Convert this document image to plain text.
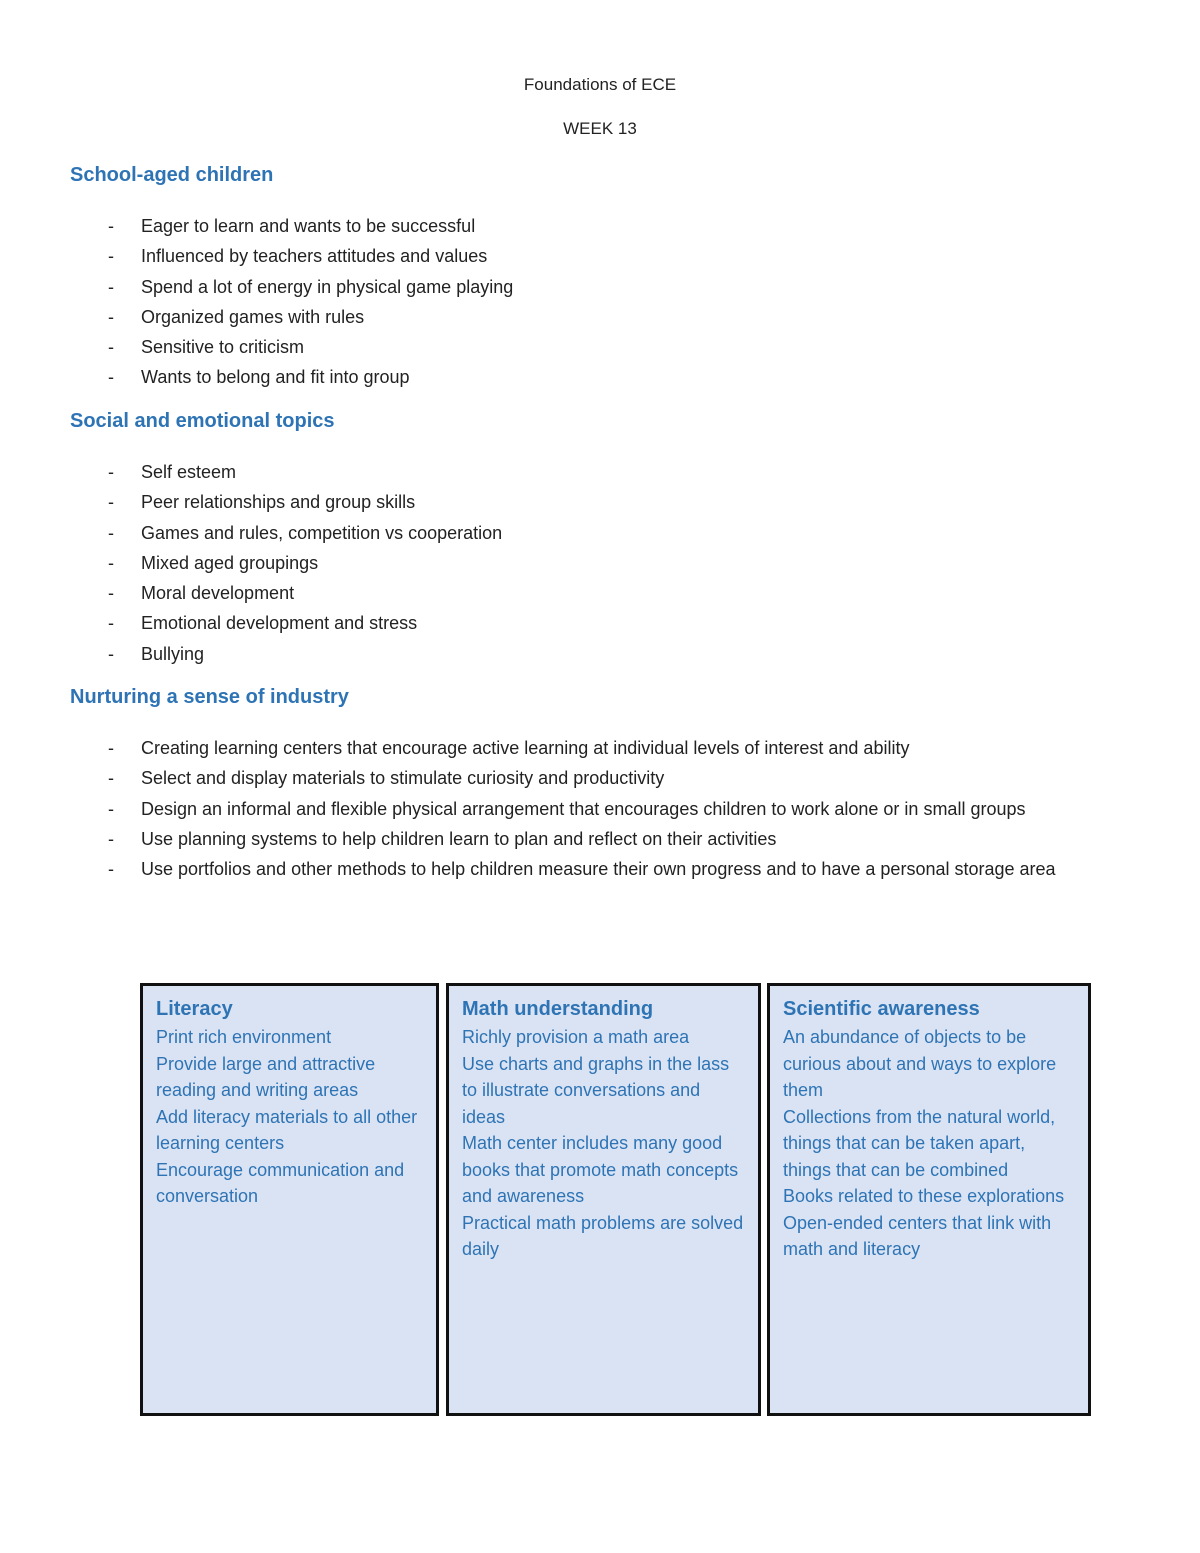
Foundations of ECE
WEEK 13
School-aged children
- Eager to learn and wants to be successful
- Influenced by teachers attitudes and values
- Spend a lot of energy in physical game playing
- Organized games with rules
- Sensitive to criticism
- Wants to belong and fit into group
Social and emotional topics
- Self esteem
- Peer relationships and group skills
- Games and rules, competition vs cooperation
- Mixed aged groupings
- Moral development
- Emotional development and stress
- Bullying
Nurturing a sense of industry
- Creating learning centers that encourage active learning at individual levels of interest and ability
- Select and display materials to stimulate curiosity and productivity
- Design an informal and flexible physical arrangement that encourages children to work alone or in small groups
- Use planning systems to help children learn to plan and reflect on their activities
- Use portfolios and other methods to help children measure their own progress and to have a personal storage area

Literacy

Print rich environment

Provide large and attractive reading and writing areas

Add literacy materials to all other learning centers

Encourage communication and conversation

Math understanding

Richly provision a math area

Use charts and graphs in the lass to illustrate conversations and ideas

Math center includes many good books that promote math concepts and awareness

Practical math problems are solved daily

Scientific awareness

An abundance of objects to be curious about and ways to explore them

Collections from the natural world, things that can be taken apart, things that can be combined

Books related to these explorations

Open-ended centers that link with math and literacy
